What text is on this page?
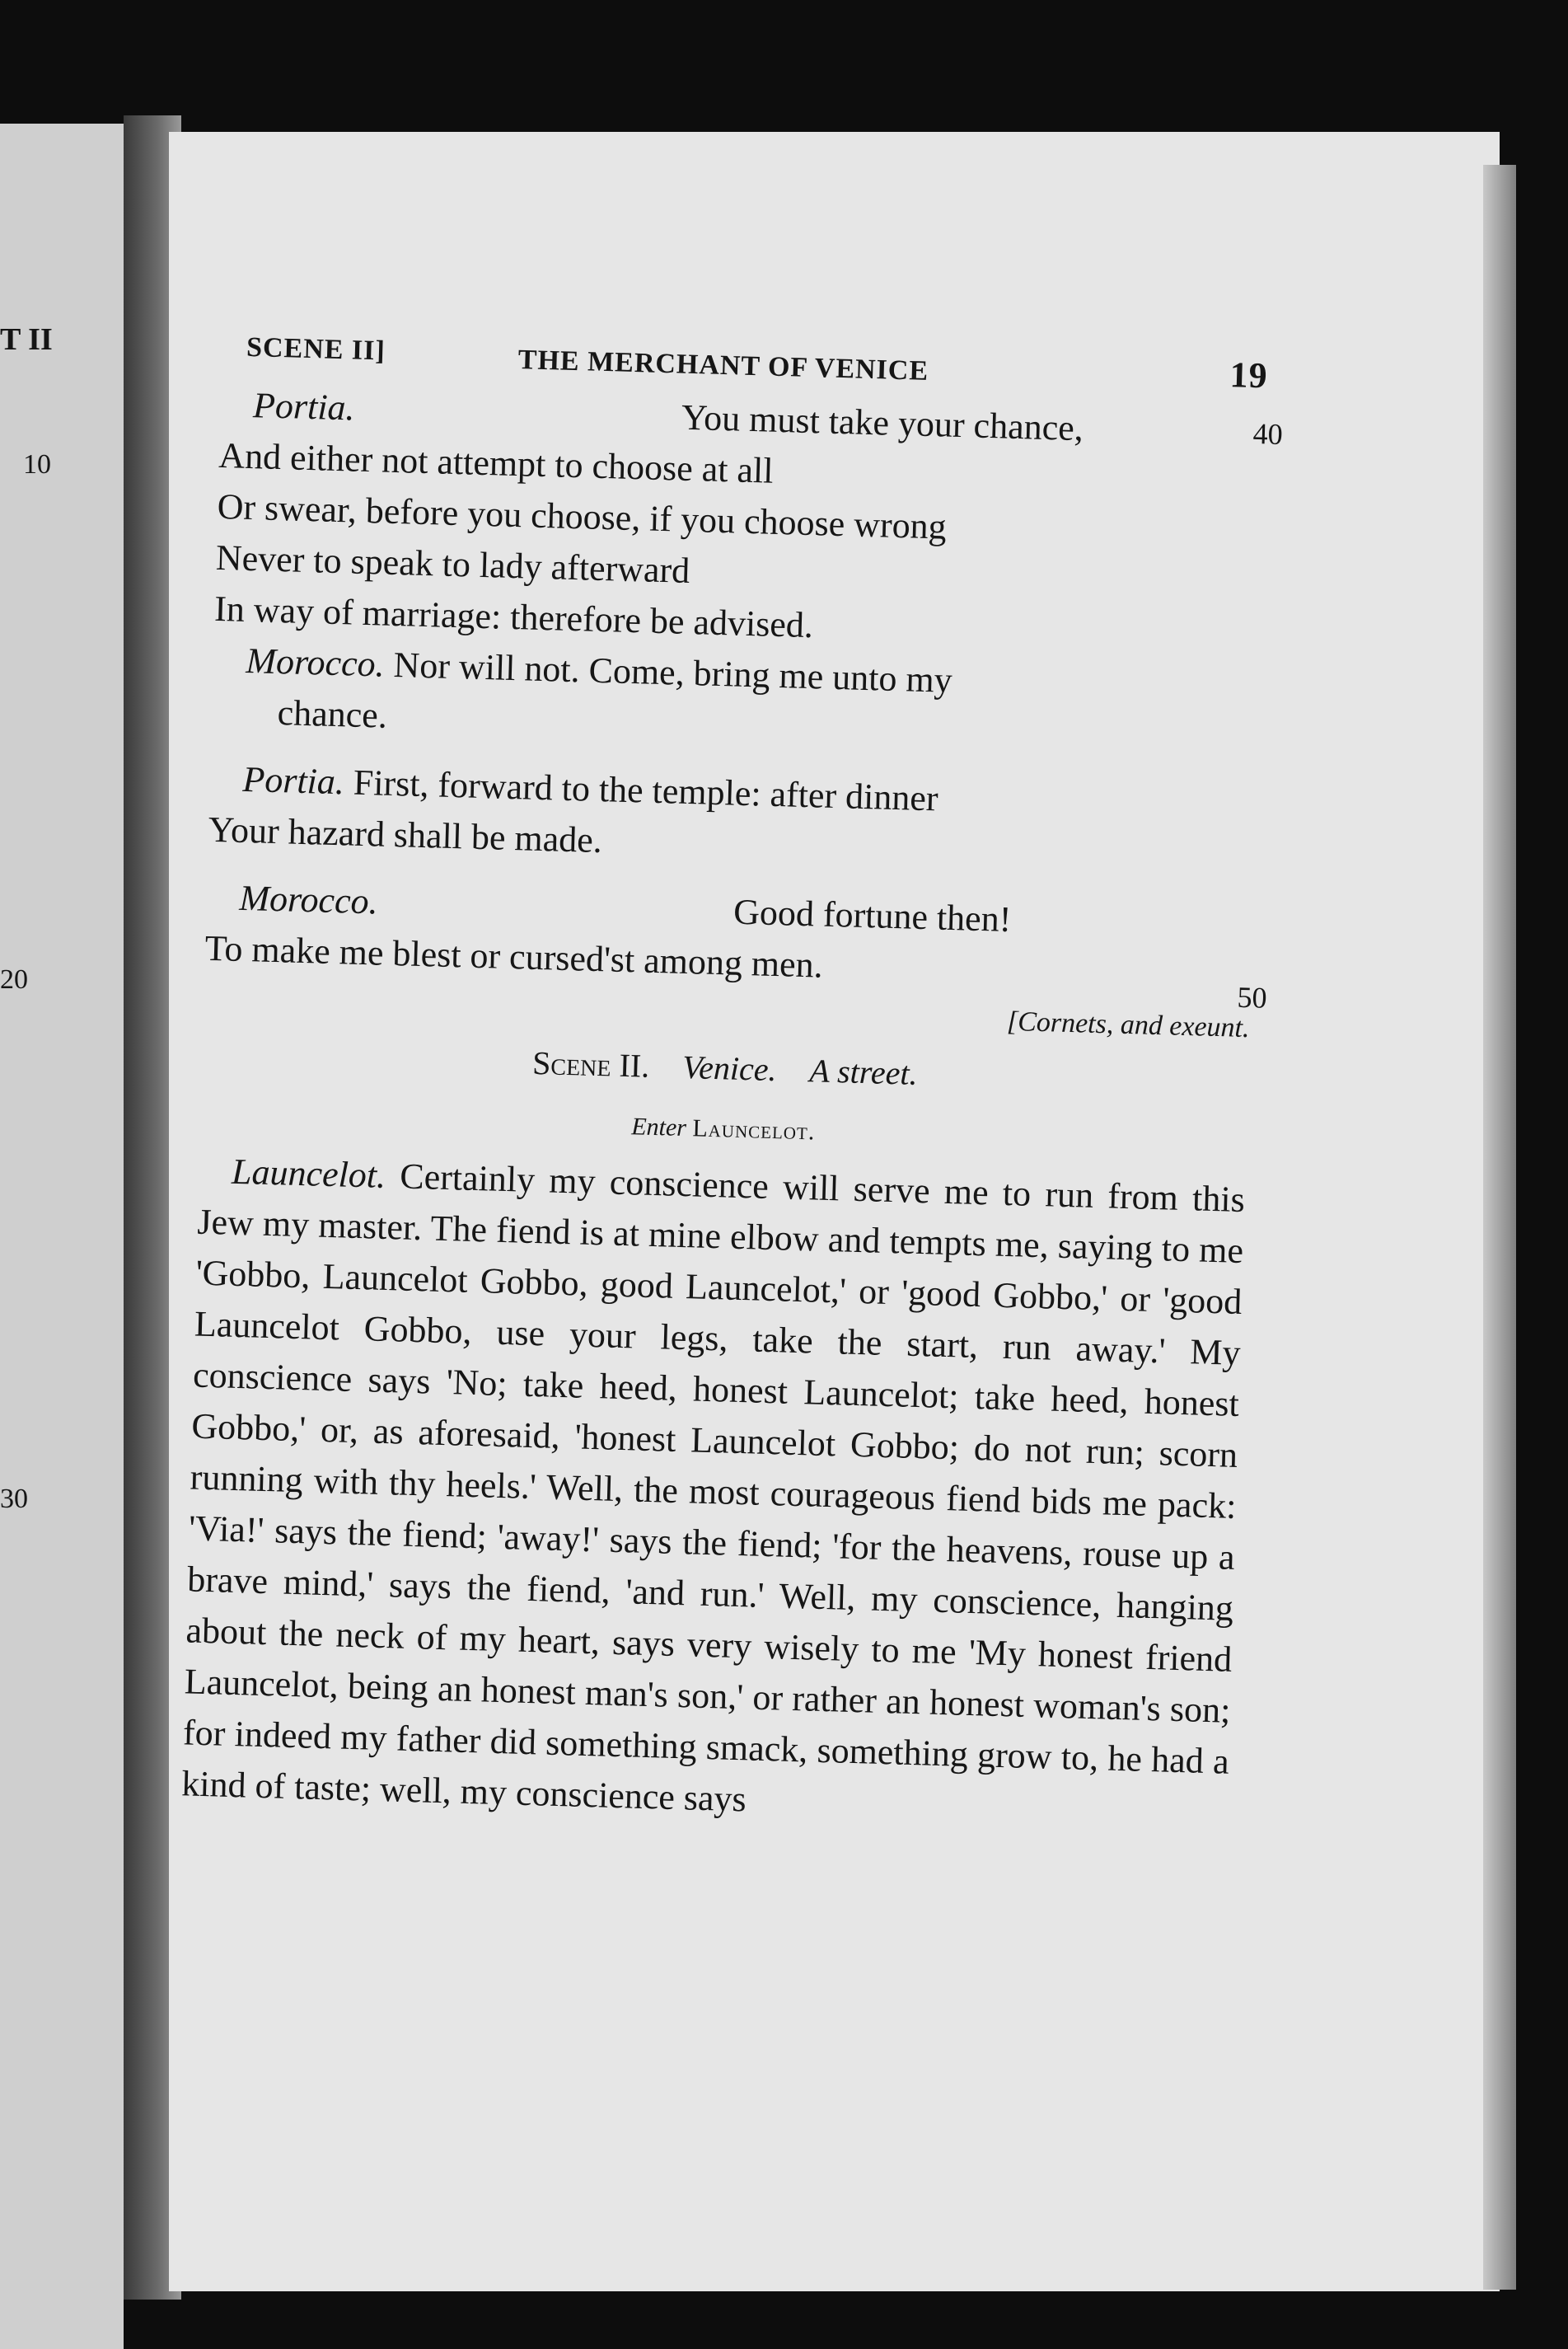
T II
10
20
30
SCENE II]	THE MERCHANT OF VENICE	19
Portia.	You must take your chance,	40
And either not attempt to choose at all
Or swear, before you choose, if you choose wrong
Never to speak to lady afterward
In way of marriage: therefore be advised.
Morocco. Nor will not. Come, bring me unto my
chance.
Portia. First, forward to the temple: after dinner
Your hazard shall be made.
Morocco.	Good fortune then!
To make me blest or cursed'st among men.
50
[Cornets, and exeunt.
Scene II. Venice. A street.
Enter Launcelot.

Launcelot. Certainly my conscience will serve me to run from this Jew my master. The fiend is at mine elbow and tempts me, saying to me 'Gobbo, Launcelot Gobbo, good Launcelot,' or 'good Gobbo,' or 'good Launcelot Gobbo, use your legs, take the start, run away.' My conscience says 'No; take heed, honest Launcelot; take heed, honest Gobbo,' or, as aforesaid, 'honest Launcelot Gobbo; do not run; scorn running with thy heels.' Well, the most courageous fiend bids me pack: 'Via!' says the fiend; 'away!' says the fiend; 'for the heavens, rouse up a brave mind,' says the fiend, 'and run.' Well, my conscience, hanging about the neck of my heart, says very wisely to me 'My honest friend Launcelot, being an honest man's son,' or rather an honest woman's son; for indeed my father did something smack, something grow to, he had a kind of taste; well, my conscience says
